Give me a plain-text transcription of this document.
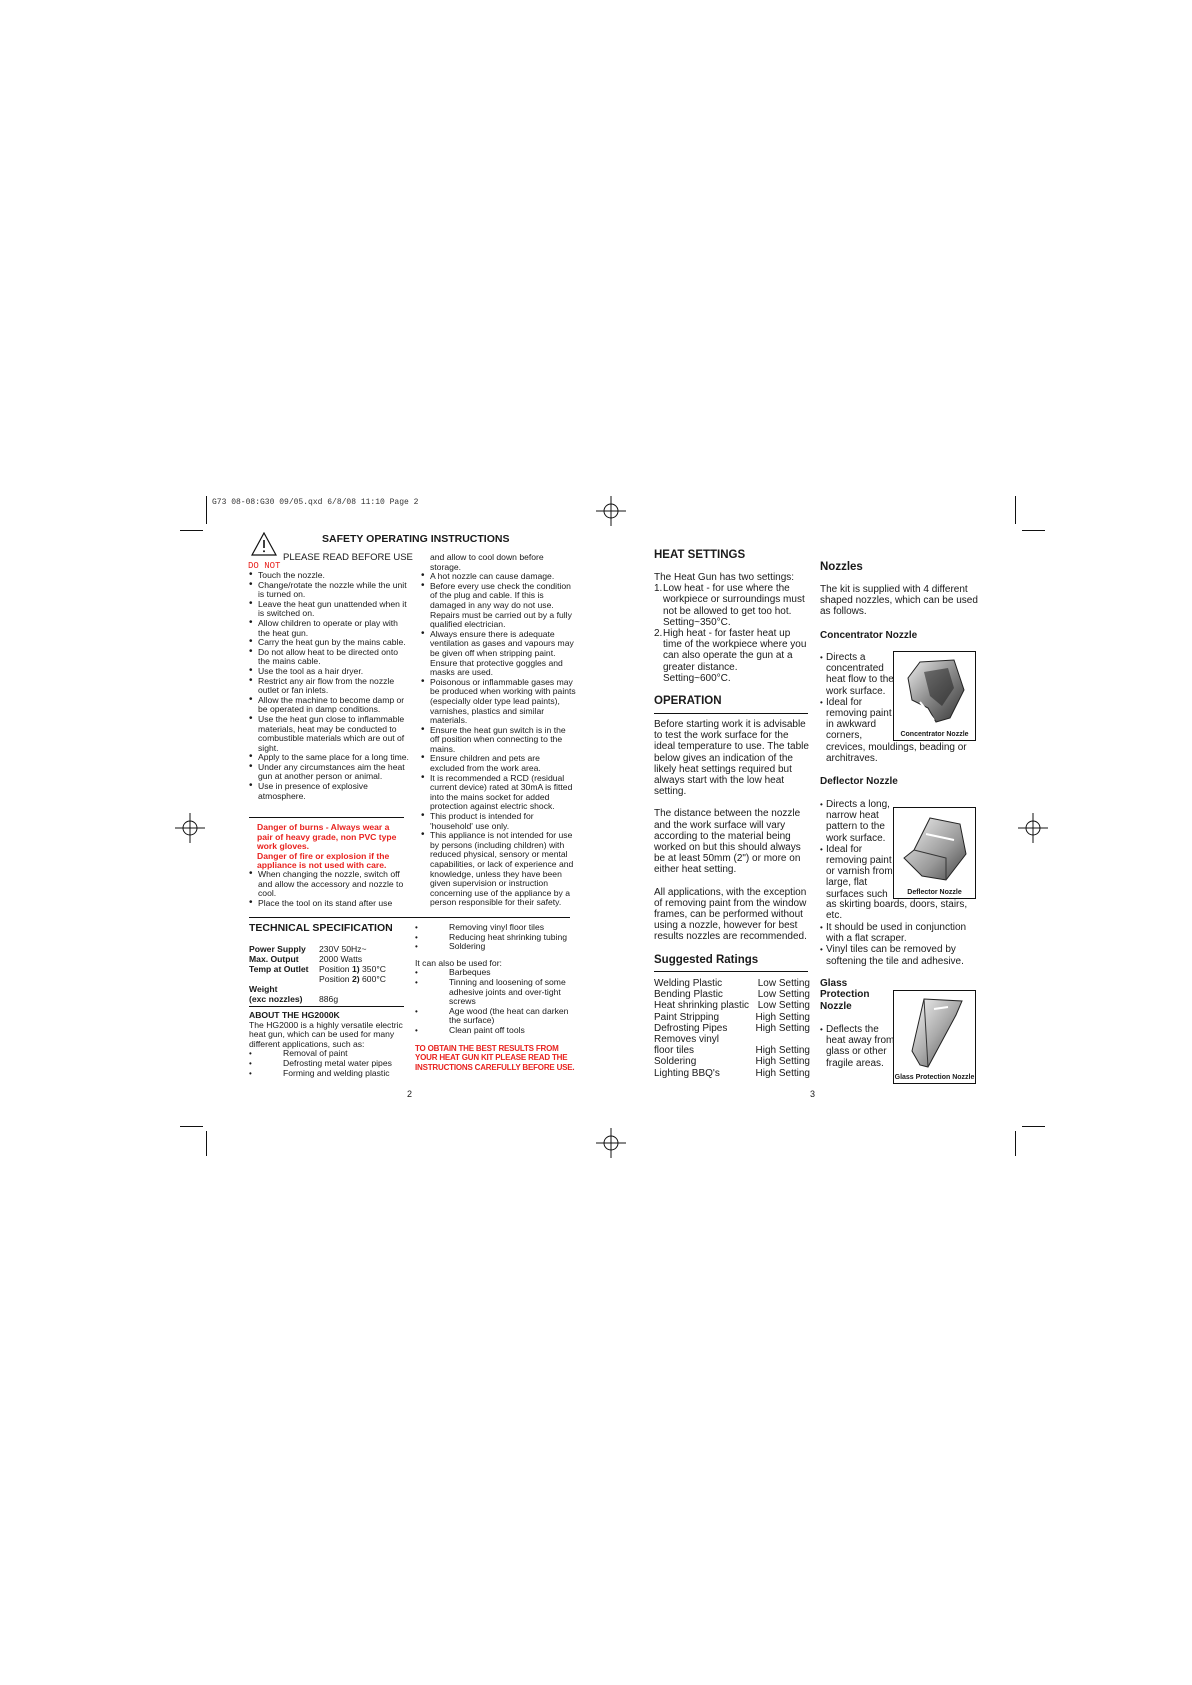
G73 08-08:G30 09/05.qxd 6/8/08 11:10 Page 2
SAFETY OPERATING INSTRUCTIONS
PLEASE READ BEFORE USE
DO NOT
• Touch the nozzle.
• Change/rotate the nozzle while the unit is turned on.
• Leave the heat gun unattended when it is switched on.
• Allow children to operate or play with the heat gun.
• Carry the heat gun by the mains cable.
• Do not allow heat to be directed onto the mains cable.
• Use the tool as a hair dryer.
• Restrict any air flow from the nozzle outlet or fan inlets.
• Allow the machine to become damp or be operated in damp conditions.
• Use the heat gun close to inflammable materials, heat may be conducted to combustible materials which are out of sight.
• Apply to the same place for a long time.
• Under any circumstances aim the heat gun at another person or animal.
• Use in presence of explosive atmosphere.
Danger of burns - Always wear a pair of heavy grade, non PVC type work gloves.
Danger of fire or explosion if the appliance is not used with care.
• When changing the nozzle, switch off and allow the accessory and nozzle to cool.
• Place the tool on its stand after use
and allow to cool down before storage.
• A hot nozzle can cause damage.
• Before every use check the condition of the plug and cable. If this is damaged in any way do not use. Repairs must be carried out by a fully qualified electrician.
• Always ensure there is adequate ventilation as gases and vapours may be given off when stripping paint. Ensure that protective goggles and masks are used.
• Poisonous or inflammable gases may be produced when working with paints (especially older type lead paints), varnishes, plastics and similar materials.
• Ensure the heat gun switch is in the off position when connecting to the mains.
• Ensure children and pets are excluded from the work area.
• It is recommended a RCD (residual current device) rated at 30mA is fitted into the mains socket for added protection against electric shock.
• This product is intended for 'household' use only.
• This appliance is not intended for use by persons (including children) with reduced physical, sensory or mental capabilities, or lack of experience and knowledge, unless they have been given supervision or instruction concerning use of the appliance by a person responsible for their safety.
TECHNICAL SPECIFICATION
Power Supply	230V 50Hz~
Max. Output	2000 Watts
Temp at Outlet	Position 1) 350°C
	Position 2) 600°C
Weight	
(exc nozzles)	886g
ABOUT THE HG2000K
The HG2000 is a highly versatile electric heat gun, which can be used for many different applications, such as:
• Removal of paint
• Defrosting metal water pipes
• Forming and welding plastic
• Removing vinyl floor tiles
• Reducing heat shrinking tubing
• Soldering
It can also be used for:
• Barbeques
• Tinning and loosening of some adhesive joints and over-tight screws
• Age wood (the heat can darken the surface)
• Clean paint off tools
TO OBTAIN THE BEST RESULTS FROM YOUR HEAT GUN KIT PLEASE READ THE INSTRUCTIONS CAREFULLY BEFORE USE.
2
HEAT SETTINGS
The Heat Gun has two settings:
1. Low heat - for use where the workpiece or surroundings must not be allowed to get too hot.
Setting~350°C.
2. High heat - for faster heat up time of the workpiece where you can also operate the gun at a greater distance.
Setting~600°C.
OPERATION
Before starting work it is advisable to test the work surface for the ideal temperature to use. The table below gives an indication of the likely heat settings required but always start with the low heat setting.
The distance between the nozzle and the work surface will vary according to the material being worked on but this should always be at least 50mm (2") or more on either heat setting.
All applications, with the exception of removing paint from the window frames, can be performed without using a nozzle, however for best results nozzles are recommended.
Suggested Ratings
Welding Plastic	Low Setting
Bending Plastic	Low Setting
Heat shrinking plastic	Low Setting
Paint Stripping	High Setting
Defrosting Pipes	High Setting
Removes vinyl	
floor tiles	High Setting
Soldering	High Setting
Lighting BBQ's	High Setting
Nozzles
The kit is supplied with 4 different shaped nozzles, which can be used as follows.
Concentrator Nozzle
Concentrator Nozzle
• Directs a concentrated heat flow to the work surface.
• Ideal for removing paint in awkward corners,
crevices, mouldings, beading or architraves.
Deflector Nozzle
Deflector Nozzle
• Directs a long, narrow heat pattern to the work surface.
• Ideal for removing paint or varnish from large, flat surfaces such
as skirting boards, doors, stairs, etc.
• It should be used in conjunction with a flat scraper.
• Vinyl tiles can be removed by softening the tile and adhesive.
Glass Protection Nozzle
Glass Protection Nozzle
• Deflects the heat away from glass or other fragile areas.
3
